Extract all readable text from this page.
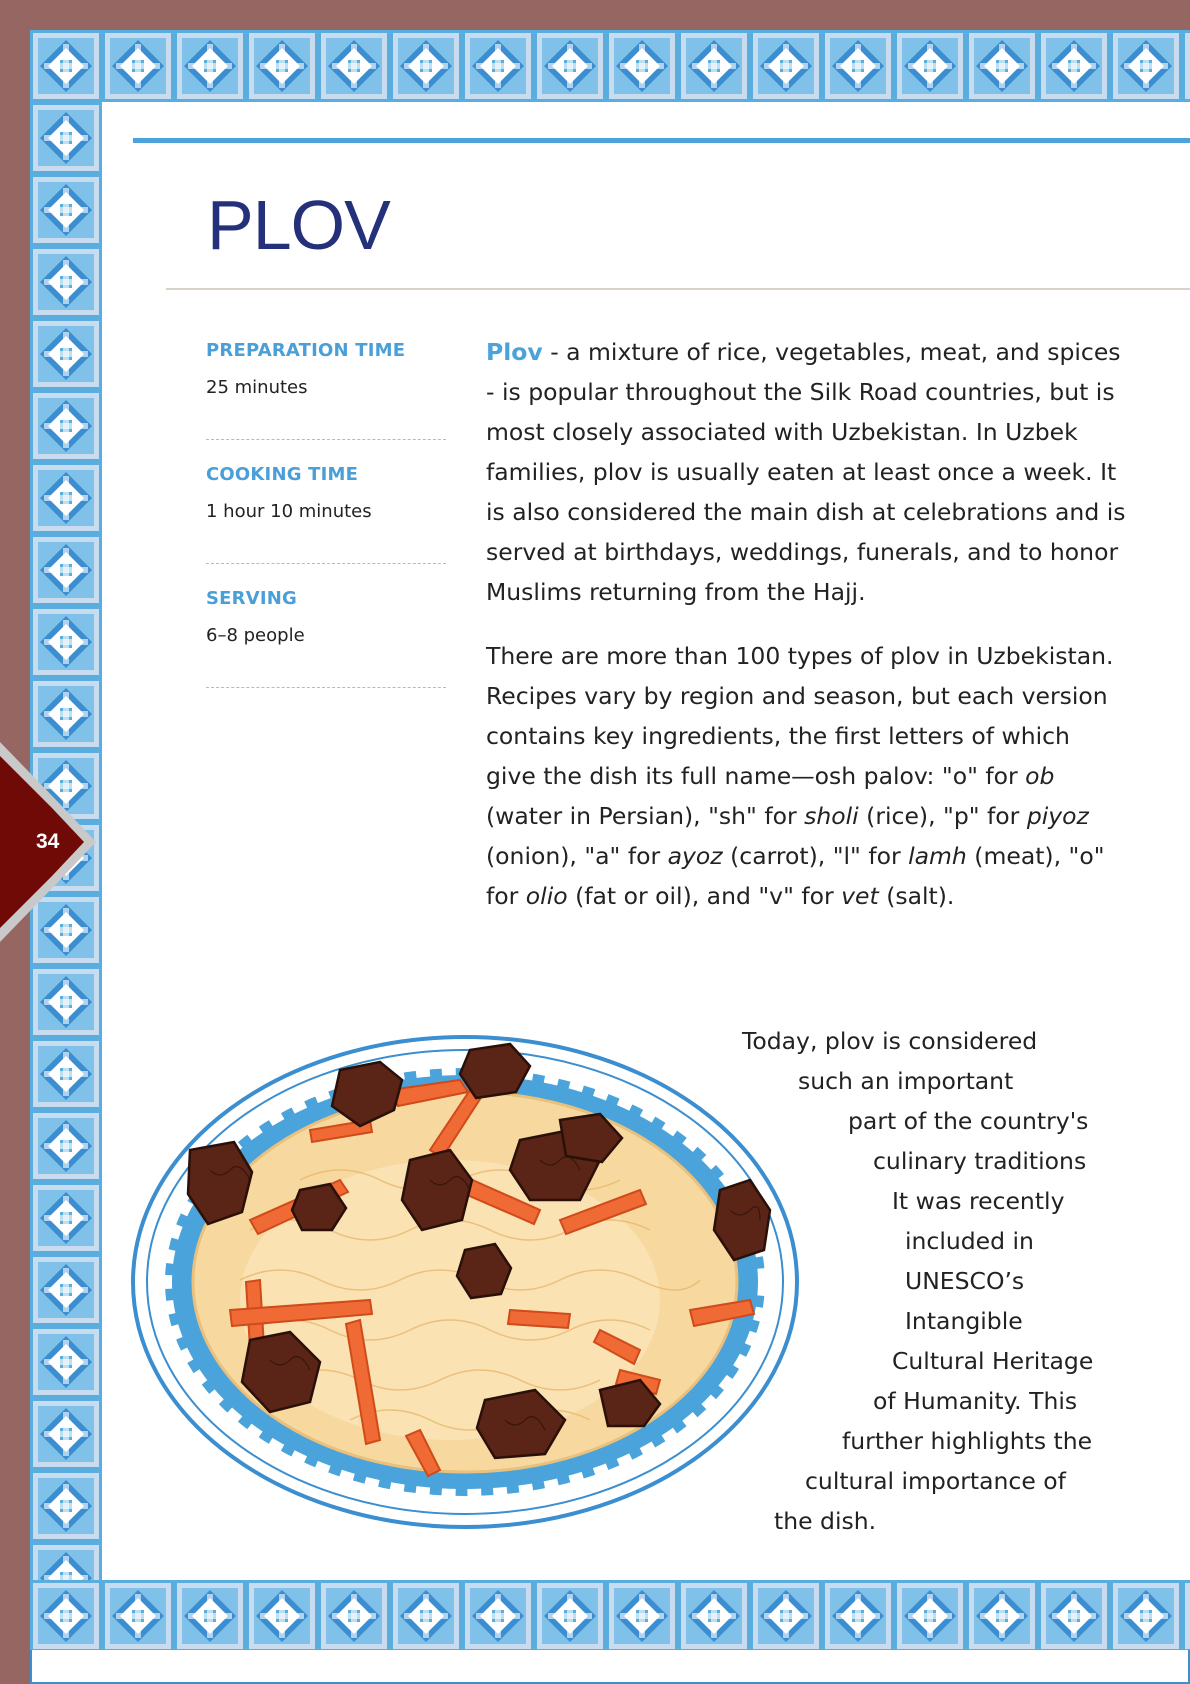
34
PLOV
PREPARATION TIME
25 minutes
COOKING TIME
1 hour 10 minutes
SERVING
6–8 people

Plov - a mixture of rice, vegetables, meat, and spices - is popular throughout the Silk Road countries, but is most closely associated with Uzbekistan. In Uzbek families, plov is usually eaten at least once a week. It is also considered the main dish at celebrations and is served at birthdays, weddings, funerals, and to honor Muslims returning from the Hajj.

There are more than 100 types of plov in Uzbekistan. Recipes vary by region and season, but each version contains key ingredients, the first letters of which give the dish its full name—osh palov: "o" for ob (water in Persian), "sh" for sholi (rice), "p" for piyoz (onion), "a" for ayoz (carrot), "l" for lamh (meat), "o" for olio (fat or oil), and "v" for vet (salt).

Today, plov is considered
such an important
part of the country's
culinary traditions
It was recently
included in
UNESCO’s
Intangible
Cultural Heritage
of Humanity. This
further highlights the
cultural importance of
the dish.
